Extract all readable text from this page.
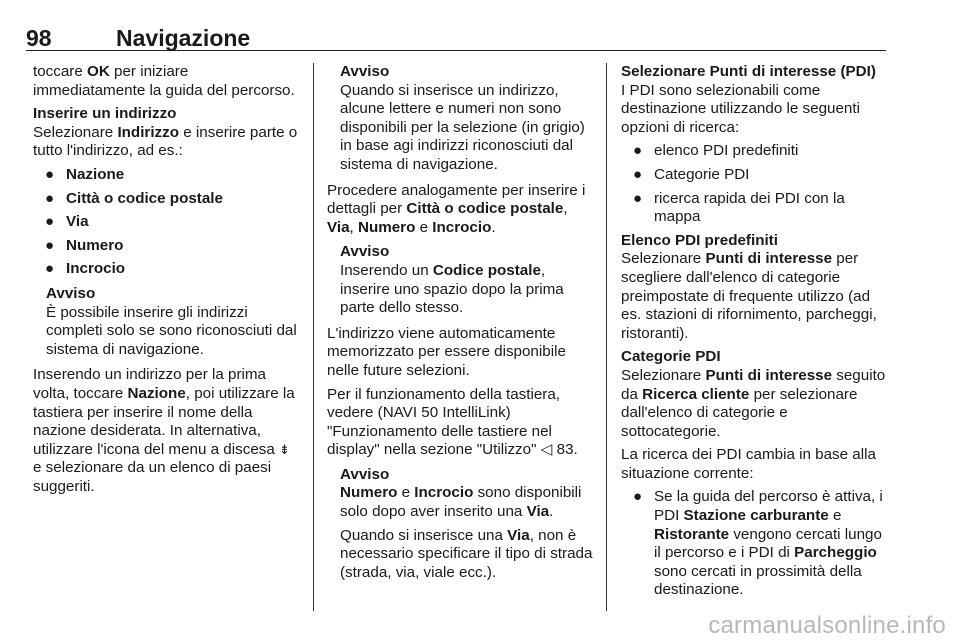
98	Navigazione

toccare OK per iniziare immediatamente la guida del percorso.

Inserire un indirizzo

Selezionare Indirizzo e inserire parte o tutto l'indirizzo, ad es.:

● Nazione
● Città o codice postale
● Via
● Numero
● Incrocio
Avviso

È possibile inserire gli indirizzi completi solo se sono riconosciuti dal sistema di navigazione.

Inserendo un indirizzo per la prima volta, toccare Nazione, poi utilizzare la tastiera per inserire il nome della nazione desiderata. In alternativa, utilizzare l'icona del menu a discesa ⇟ e selezionare da un elenco di paesi suggeriti.

Avviso

Quando si inserisce un indirizzo, alcune lettere e numeri non sono disponibili per la selezione (in grigio) in base agi indirizzi riconosciuti dal sistema di navigazione.

Procedere analogamente per inserire i dettagli per Città o codice postale, Via, Numero e Incrocio.

Avviso

Inserendo un Codice postale, inserire uno spazio dopo la prima parte dello stesso.

L'indirizzo viene automaticamente memorizzato per essere disponibile nelle future selezioni.

Per il funzionamento della tastiera, vedere (NAVI 50 IntelliLink) "Funzionamento delle tastiere nel display" nella sezione "Utilizzo" ◁ 83.

Avviso

Numero e Incrocio sono disponibili solo dopo aver inserito una Via.

Quando si inserisce una Via, non è necessario specificare il tipo di strada (strada, via, viale ecc.).

Selezionare Punti di interesse (PDI)

I PDI sono selezionabili come destinazione utilizzando le seguenti opzioni di ricerca:

● elenco PDI predefiniti
● Categorie PDI
● ricerca rapida dei PDI con la mappa
Elenco PDI predefiniti

Selezionare Punti di interesse per scegliere dall'elenco di categorie preimpostate di frequente utilizzo (ad es. stazioni di rifornimento, parcheggi, ristoranti).

Categorie PDI

Selezionare Punti di interesse seguito da Ricerca cliente per selezionare dall'elenco di categorie e sottocategorie.

La ricerca dei PDI cambia in base alla situazione corrente:

● Se la guida del percorso è attiva, i PDI Stazione carburante e Ristorante vengono cercati lungo il percorso e i PDI di Parcheggio sono cercati in prossimità della destinazione.
carmanualsonline.info
